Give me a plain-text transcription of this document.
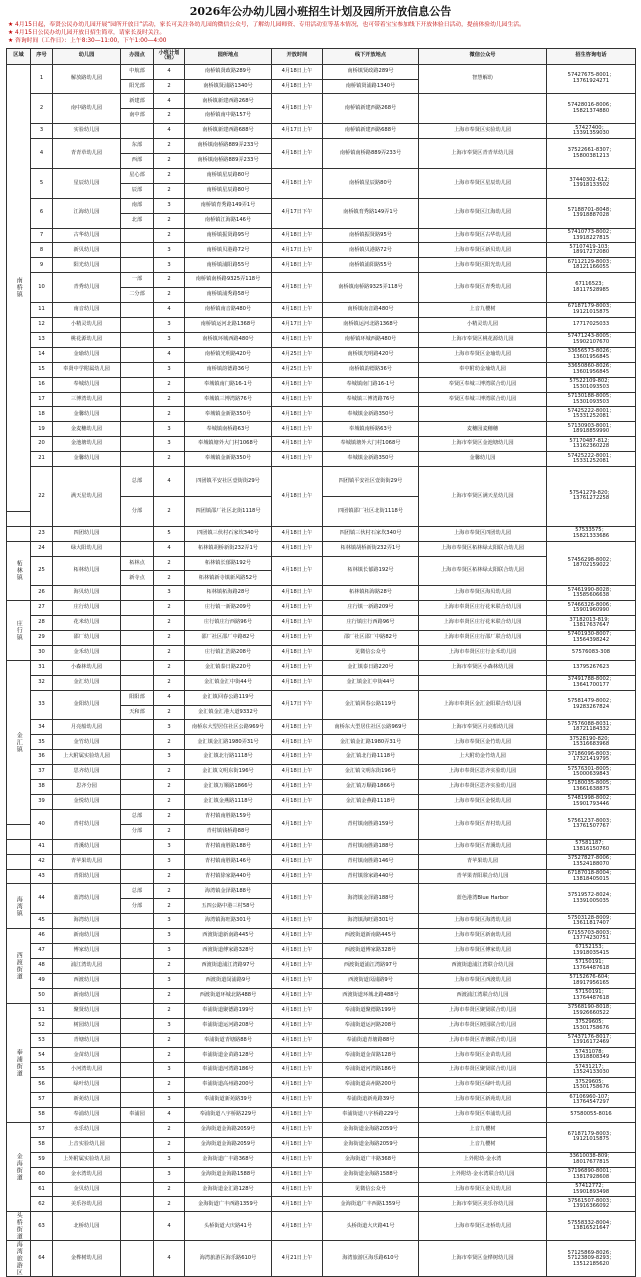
2026年公办幼儿园小班招生计划及园所开放信息公告
★ 4月15日起，奉贤公民办幼儿园开展“园所开放日”活动，家长可关注各幼儿园的微信公众号，了解幼儿园师资、专用活动室等基本情况，也可带着宝宝参加线下开放体验日活动，提前体验幼儿园生活。
★ 4月15日公民办幼儿园开放日招生简章，请家长及时关注。
★ 咨询时间（工作日）：上午8:30—11:00，下午1:00—4:00
区域	序号	幼儿园	办园点	小班计划（班）	园所地点	开放时间	线下开放地点	微信公众号	招生咨询电话
南桥镇	1	解放路幼儿园	中航部	4	南桥镇贤政路289号	4月18日上午	南桥镇贤政路289号	智慧解幼	57427675-8001；
13761924271

			阳光部	2	南桥镇贤浦路1340号	4月18日上午	南桥镇贤浦路1340号		
	2	南中路幼儿园	新建部	4	南桥镇新建西路268号	4月18日上午	南桥镇新建西路268号		57428016-8006；
15821374880

			南中部	2	南桥镇南中路157号				
	3	实验幼儿园		4	南桥镇新建西路688号	4月17日上午	南桥镇新建西路688号	上海市奉贤区实验幼儿园	57427400；
13391359030

	4	青青草幼儿园	东部	2	南桥镇南桥路889弄233号	4月18日上午	南桥镇南桥路889弄233号	上海市奉贤区青青草幼儿园	37522661-8307；
15800381213

			西部	2	南桥镇南桥路889弄233号				
	5	星辰幼儿园	星心部	2	南桥镇星辰路80号	4月18日上午	南桥镇星辰路80号	上海市奉贤区星辰幼儿园	37440302-612；
13918133502

			辰部	2	南桥镇星辰路80号				
	6	江海幼儿园	南部	3	南桥镇育秀路149弄1号	4月17日下午	南桥镇育秀路149弄1号	上海市奉贤区江海幼儿园	57188701-8048；
13918887028

			北部	2	南桥镇江海路146号				
	7	古华幼儿园		2	南桥镇振贤路95号	4月18日上午	南桥镇振贤路95号	上海市奉贤区古华幼儿园	57410773-8002；
13918227815

	8	新贝幼儿园		3	南桥镇贝港路72号	4月17日上午	南桥镇贝港路72号	上海市奉贤区新贝幼儿园	57107419-103；
18917272080

	9	阳光幼儿园		3	南桥镇浦阳路55号	4月18日上午	南桥镇浦阳路55号	上海市奉贤区阳光幼儿园	67112129-8003；
18121166055

	10	青秀幼儿园	一部	2	南桥镇南桥路9325弄118号	4月18日上午	南桥镇南桥路9325弄118号	上海市奉贤区青秀幼儿园	67116523；
18117528985

			二分部	2	南桥镇浦秀路58号				
	11	南音幼儿园		4	南桥镇南音路480号	4月18日上午	南桥镇南音路480号	上音九樱树	67187179-8003；
19121015875

	12	小精灵幼儿园		3	南桥镇运河北路1368号	4月17日上午	南桥镇运河北路1368号	小精灵幼儿园	17717025033
	13	桃花源幼儿园		3	南桥镇环城西路480号	4月18日上午	南桥镇环城西路480号	上海市奉贤区桃花源幼儿园	57471243-8005；
15902107670

	14	金瑜幼儿园		4	南桥镇光明路420号	4月25日上午	南桥镇光明路420号	上海市奉贤区金瑜幼儿园	33656573-8026；
13601956845

	15	奉贤中学附属幼儿园		3	南桥镇韵德路36号	4月25日上午	南桥镇韵德路36号	奉中附幼金瑜幼儿园	33650860-8026；
13601956845

	16	奉城幼儿园		2	奉城镇南门路16-1号	4月18日上午	奉城镇南门路16-1号	奉贤区奉城三博湾联合幼儿园	57522109-802；
15301093503

	17	三博湾幼儿园		2	奉城镇三博湾路76号	4月18日上午	奉城镇三博湾路76号	奉贤区奉城三博湾联合幼儿园	57130188-8005；
15301093503

	18	金馨幼儿园		2	奉城镇金新路350号	4月18日上午	奉城镇金新路350号		57425222-8001；
15331252081

	19	金麦穗幼儿园		3	奉城镇南桥路63号	4月18日上午	奉城镇南桥路63号	麦穗园麦穗穗	57130903-8001；
18918859990

	20	金池塘幼儿园		3	奉城镇塘外大门村1068号	4月18日上午	奉城镇塘外大门村1068号	上海市奉贤区金池塘幼儿园	57170487-812；
13162360228

	21	金馨幼儿园		2	奉城镇金新路350号	4月18日上午	奉城镇金新路350号	金馨幼儿园	57425222-8001；
15331252081

	22	满天星幼儿园	总部	4	四团镇平安社区壹街街29号	4月18日上午	四团镇平安社区壹街街29号	上海市奉贤区满天星幼儿园	57541279-820；
13761272258

			分部	2	四团镇邵厂社区北街1118号		四团镇邵厂社区北街1118号		

	23	四团幼儿园		5	四团镇三伙村石家坎340号	4月18日上午	四团镇三伙村石家坎340号	上海市奉贤区四团幼儿园	57533575；
15821333686

柘林镇	24	绿大阳幼儿园		4	柘林镇胡桥新街232弄1号	4月18日上午	柘林镇胡桥新街232弄1号	上海市奉贤区柘林绿太阳联合幼儿园	57456298-8002；
18702159022

	25	柘林幼儿园	柘林点	2	柘林镇长郁路192号	4月18日上午	柘林镇长郁路192号	上海市奉贤区柘林绿太阳联合幼儿园	
			新寺点	2	柘林镇新寺镇新风路52号				
	26	海贝幼儿园		3	柘林镇柘海路28号	4月18日上午	柘林镇柘海路28号	上海市奉贤区海贝幼儿园	57461990-8028；
13585606638

庄行镇	27	庄行幼儿园		2	庄行镇一新路209号	4月18日上午	庄行镇一新路209号	上海市奉贤区庄行花米联合幼儿园	57466326-8006；
15901960990

	28	花米幼儿园		2	庄行镇庄行西路96号	4月18日上午	庄行镇庄行西路96号	上海市奉贤区庄行花米联合幼儿园	37182013-819；
13817637647

	29	邵厂幼儿园		2	邵厂社区邵厂中路82号	4月18日上午	邵厂社区邵厂中路82号	上海市奉贤区庄行邵厂联合幼儿园	57401930-8007；
13564398242

	30	金禾幼儿园		2	庄行镇汇浩路208号	4月18日上午	见微信公众号	上海市奉贤区庄行金禾幼儿园	57576083-308
金汇镇	31	小森林幼儿园		2	金汇镇泰日路220号	4月18日上午	金汇镇泰日路220号	上海市奉贤区小森林幼儿园	13795267623
	32	金汇幼儿园		2	金汇镇金汇中街44号	4月18日上午	金汇镇金汇中街44号		37491788-8002；
13641700177

	33	金阳幼儿园	阳阳部	4	金汇镇回春公路119号	4月17日下午	金汇镇回春公路119号	上海市奉贤区金汇金阳联合幼儿园	57581479-8002；
19283267824

			天和部	2	金汇镇金汇港大道9332号				
	34	月亮船幼儿园		3	南桥东大型居住社区公路969号	4月18日上午	南桥东大型居住社区公路969号	上海市奉贤区月亮船幼儿园	57576088-8031；
18721184332

	35	金竹幼儿园		2	金汇镇金汇路1980弄31号	4月18日上午	金汇镇金汇路1980弄31号	上海市奉贤区金竹幼儿园	37528190-820；
15316683968

	36	上大附属实验幼儿园		3	金汇镇北行路1118号	4月18日上午	金汇镇北行路1118号	上大附幼金竹幼儿园	37186096-8003；
17321419795

	37	思齐幼儿园		2	金汇镇文明东街196号	4月18日上午	金汇镇文明东街196号	上海市奉贤区思齐实验幼儿园	57576301-8005；
15000639843

	38	思齐分园		2	金汇镇万顺路1866号	4月18日上午	金汇镇万顺路1866号	上海市奉贤区思齐实验幼儿园	57180035-8005；
13661638875

	39	金悦幼儿园		2	金汇镇金燕路1118号	4月18日上午	金汇镇金燕路1118号	上海市奉贤区金悦幼儿园	57481998-8002；
15901793446

	40	青村幼儿园	总部	2	青村镇南胜路159号	4月18日上午	青村镇南胜路159号	上海市奉贤区青村幼儿园	57561237-8003；
13761507767

			分部	2	青村镇钱桥路88号				
	41	青溪幼儿园		3	青村镇南胜路188号	4月18日上午	青村镇南胜路188号	上海市奉贤区青溪幼儿园	57581187；
13816150760

	42	青苹果幼儿园		3	青村镇南胜路146号	4月18日上午	青村镇南胜路146号	青苹果幼儿园	37527827-8006；
13524188070

	43	青阳幼儿园		2	青村镇徐家路440号	4月18日上午	青村镇徐家路440号	青苹果青阳联合幼儿园	67187018-8004；
13818405015

海湾镇	44	蓝湾幼儿园	总部	2	海湾镇金泽路188号	4月18日上午	海湾镇金泽路188号	蓝色港湾Blue Harbor	37519572-8024；
13391005035

			分部	2	五四公路中港三村58号				
	45	海湾幼儿园		3	海湾镇海旺路301号	4月18日上午	海湾镇海旺路301号	上海市奉贤区海湾幼儿园	57503128-8009；
13611817407

西渡街道	46	新南幼儿园		3	西渡街道新南路445号	4月18日上午	西渡街道新南路445号	上海市奉贤区新南幼儿园	67155703-8003；
13774230751

	47	傅家幼儿园		3	西渡街道傅家路328号	4月18日上午	西渡街道傅家路328号	上海市奉贤区傅家幼儿园	67152153；
13918035415

	48	浦江湾幼儿园		2	西渡街道浦江湾路97号	4月18日上午	西渡街道浦江湾路97号	西渡街道浦江湾联合幼儿园	57150191；
13764487618

	49	西渡幼儿园		3	西渡街道闵浦路9号	4月18日上午	西渡街道闵浦路9号	上海市奉贤区西渡幼儿园	57152676-604；
18917956165

	50	新南幼儿园		2	西渡街道环城北路488号	4月18日上午	西渡街道环城北路488号	西渡浦江湾联合幼儿园	57150191；
13764487618

奉浦街道	51	聚贤幼儿园		2	奉浦街道聚德路199号	4月18日上午	奉浦街道聚德路199号	上海市奉贤区聚贤联合幼儿园	37568190-8018；
15926660522

	52	树园幼儿园		3	奉浦街道运河路208号	4月18日上午	奉浦街道运河路208号	上海市奉贤区树园联合幼儿园	37529605；
15301758676

	53	青塘幼儿园		2	奉浦街道青塘路88号	4月18日上午	奉浦街道青塘路88号	上海市奉贤区青塘联合幼儿园	57437176-8017；
13916172469

	54	金苗幼儿园		2	奉浦街道金苗路128号	4月18日上午	奉浦街道金苗路128号	上海市奉贤区金苗幼儿园	57431078；
13918808349

	55	小河湾幼儿园		3	奉浦街道河湾路186号	4月18日上午	奉浦街道河湾路186号	上海市奉贤区聚贤联合幼儿园	57431217；
13524133030

	56	绿叶幼儿园		2	奉浦街道高州路200号	4月18日上午	奉浦街道高州路200号	上海市奉贤区绿叶幼儿园	37529605；
15301758676

	57	新苑幼儿园		3	奉浦街道新苑路39号	4月18日上午	奉浦街道新苑路39号	上海市奉贤区新苑幼儿园	67106960-107；
13764547297

	58	奉浦幼儿园	奉浦园	4	奉浦街道八字桥路229号	4月18日上午	奉浦街道八字桥路229号	上海市奉贤区奉浦幼儿园	57580055-8016
金海街道	57	水乐幼儿园		2	金海街道金海路2059号	4月18日上午	金海街道金海路2059号	上音九樱树	67187179-8003；
19121015875

	58	上音实验幼儿园		2	金海街道金海路2059号	4月18日上午	金海街道金海路2059号	上音九樱树	
	59	上外附属实验幼儿园		3	金海街道广丰路368号	4月18日上午	金海街道广丰路368号	上外附幼·金水湾	33610038-809；
18017677815

	60	金水湾幼儿园		3	金海街道金海路1588号	4月18日上午	金海街道金海路1588号	上外附幼·金水湾联合幼儿园	37196890-8001；
13817928608

	61	金贝幼儿园		2	金海街道金汇路128号	4月18日上午	见微信公众号	上海市奉贤区金贝幼儿园	57412772；
15901893498

	62	美乐谷幼儿园		2	金海街道广丰西路1359号	4月18日上午	金海街道广丰西路1359号	上海市奉贤区美乐谷幼儿园	37561507-8003；
13916366092

头桥街道	63	北桥幼儿园		4	头桥街道大庆路41号	4月18日上午	头桥街道大庆路41号	上海市奉贤区北桥幼儿园	57558332-8004；
13816521647

海湾旅游区	64	金桦树幼儿园		4	海湾旅游区海乐路610号	4月21日上午	海湾旅游区海乐路610号	上海市奉贤区金桦树幼儿园	57125869-8026；
57123809-8293；
13512185620
